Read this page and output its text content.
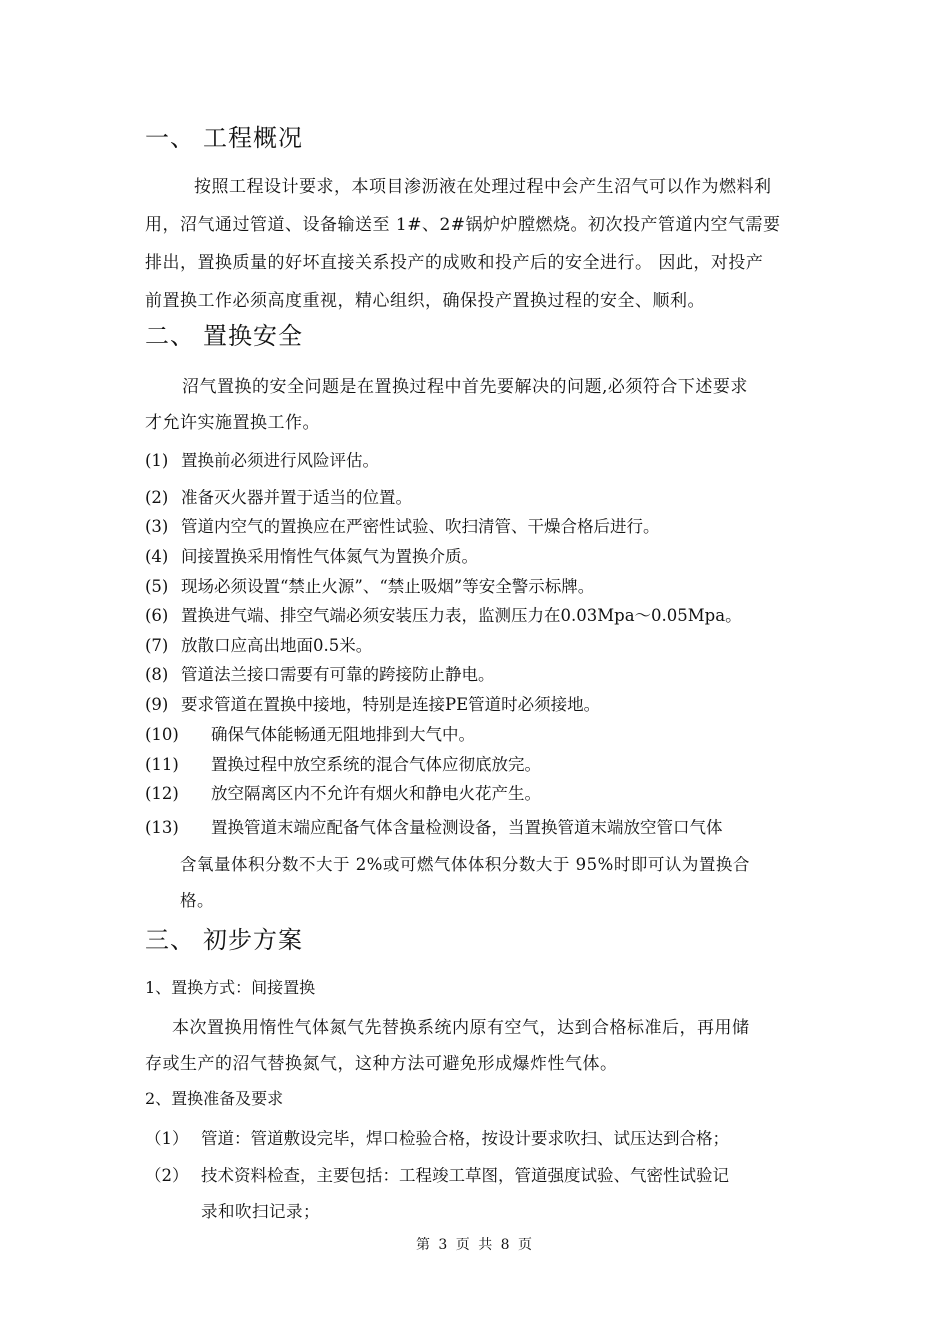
一、 工程概况
按照工程设计要求，本项目渗沥液在处理过程中会产生沼气可以作为燃料利
用，沼气通过管道、设备输送至 1#、2#锅炉炉膛燃烧。初次投产管道内空气需要
排出，置换质量的好坏直接关系投产的成败和投产后的安全进行。 因此，对投产
前置换工作必须高度重视，精心组织，确保投产置换过程的安全、顺利。
二、 置换安全
沼气置换的安全问题是在置换过程中首先要解决的问题,必须符合下述要求
才允许实施置换工作。
(1) 置换前必须进行风险评估。
(2) 准备灭火器并置于适当的位置。
(3) 管道内空气的置换应在严密性试验、吹扫清管、干燥合格后进行。
(4) 间接置换采用惰性气体氮气为置换介质。
(5) 现场必须设置“禁止火源”、“禁止吸烟”等安全警示标牌。
(6) 置换进气端、排空气端必须安装压力表，监测压力在0.03Mpa～0.05Mpa。
(7) 放散口应高出地面0.5米。
(8) 管道法兰接口需要有可靠的跨接防止静电。
(9) 要求管道在置换中接地，特别是连接PE管道时必须接地。
(10) 确保气体能畅通无阻地排到大气中。
(11) 置换过程中放空系统的混合气体应彻底放完。
(12) 放空隔离区内不允许有烟火和静电火花产生。
(13) 置换管道末端应配备气体含量检测设备，当置换管道末端放空管口气体
含氧量体积分数不大于 2%或可燃气体体积分数大于 95%时即可认为置换合
格。
三、 初步方案
1、置换方式：间接置换
本次置换用惰性气体氮气先替换系统内原有空气，达到合格标准后，再用储
存或生产的沼气替换氮气，这种方法可避免形成爆炸性气体。
2、置换准备及要求
（1） 管道：管道敷设完毕，焊口检验合格，按设计要求吹扫、试压达到合格；
（2） 技术资料检查，主要包括：工程竣工草图，管道强度试验、气密性试验记
录和吹扫记录；
第 3 页 共 8 页
